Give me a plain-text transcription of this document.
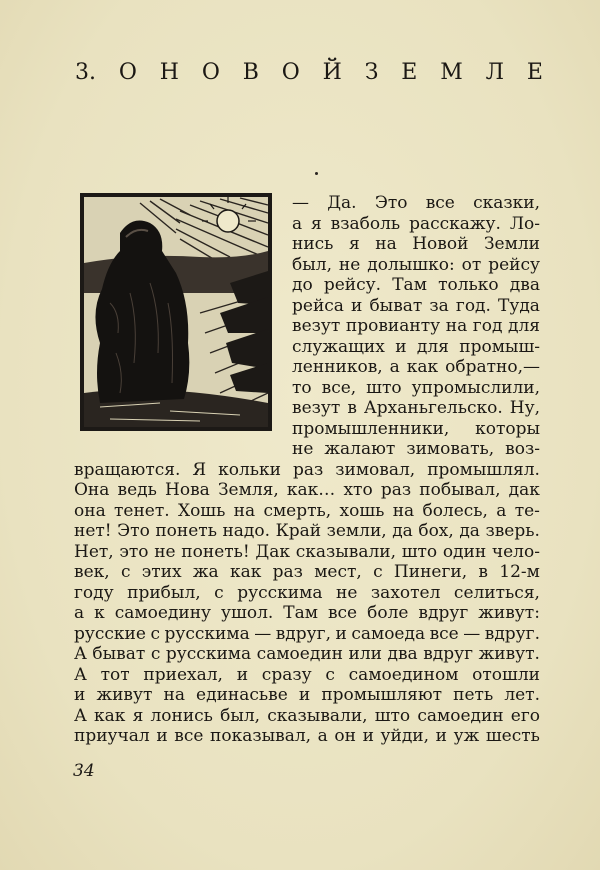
3. О Н О В О Й З Е М Л Е
— Да. Это все сказки,
а я взаболь расскажу. Ло-
нись я на Новой Земли
был, не долышко: от рейсу
до рейсу. Там только два
рейса и быват за год. Туда
везут провианту на год для
служащих и для промыш-
ленников, а как обратно,—
то все, што упромыслили,
везут в Арханьгельско. Ну,
промышленники, которы
не жалают зимовать, воз-
вращаются. Я кольки раз зимовал, промышлял.
Она ведь Нова Земля, как… хто раз побывал, дак
она тенет. Хошь на смерть, хошь на болесь, а те-
нет! Это понеть надо. Край земли, да бох, да зверь.
Нет, это не понеть! Дак сказывали, што один чело-
век, с этих жа как раз мест, с Пинеги, в 12-м
году прибыл, с русскима не захотел селиться,
а к самоедину ушол. Там все боле вдруг живут:
русские с русскима — вдруг, и самоеда все — вдруг.
А быват с русскима самоедин или два вдруг живут.
А тот приехал, и сразу с самоедином отошли
и живут на единасьве и промышляют петь лет.
А как я лонись был, сказывали, што самоедин его
34
приучал и все показывал, а он и уйди, и уж шесть
